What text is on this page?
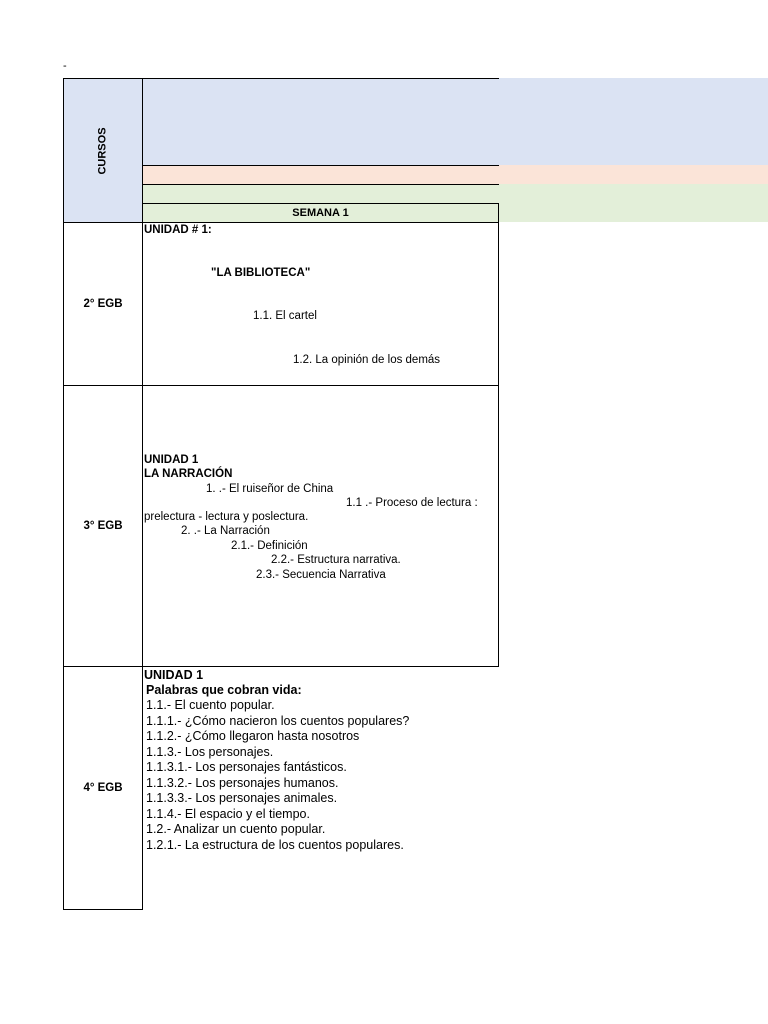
-
CURSOS
SEMANA 1
2° EGB
3° EGB
4° EGB
UNIDAD # 1:
"LA BIBLIOTECA"
1.1. El cartel
1.2. La opinión de los demás
UNIDAD 1
LA NARRACIÓN
1. .- El ruiseñor de China
1.1 .- Proceso de lectura :
prelectura - lectura y poslectura.
2. .- La Narración
2.1.- Definición
2.2.- Estructura narrativa.
2.3.- Secuencia Narrativa
UNIDAD 1
Palabras que cobran vida:
1.1.- El cuento popular.
1.1.1.- ¿Cómo nacieron los cuentos populares?
1.1.2.- ¿Cómo llegaron hasta nosotros
1.1.3.- Los personajes.
1.1.3.1.- Los personajes fantásticos.
1.1.3.2.- Los personajes humanos.
1.1.3.3.- Los personajes animales.
1.1.4.- El espacio y el tiempo.
1.2.- Analizar un cuento popular.
1.2.1.- La estructura de los cuentos populares.
